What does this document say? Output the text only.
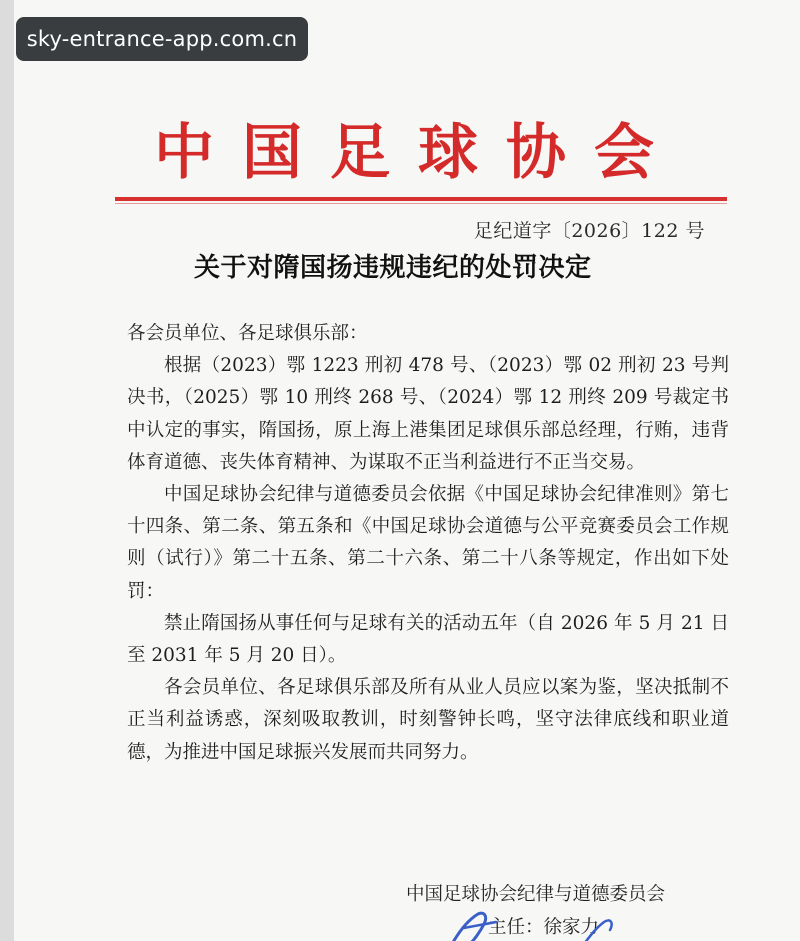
中国足球协会
足纪道字〔2026〕122 号
关于对隋国扬违规违纪的处罚决定

各会员单位、各足球俱乐部：

根据（2023）鄂 1223 刑初 478 号、（2023）鄂 02 刑初 23 号判决书，（2025）鄂 10 刑终 268 号、（2024）鄂 12 刑终 209 号裁定书中认定的事实，隋国扬，原上海上港集团足球俱乐部总经理，行贿，违背体育道德、丧失体育精神、为谋取不正当利益进行不正当交易。

中国足球协会纪律与道德委员会依据《中国足球协会纪律准则》第七十四条、第二条、第五条和《中国足球协会道德与公平竞赛委员会工作规则（试行）》第二十五条、第二十六条、第二十八条等规定，作出如下处罚：

禁止隋国扬从事任何与足球有关的活动五年（自 2026 年 5 月 21 日至 2031 年 5 月 20 日）。

各会员单位、各足球俱乐部及所有从业人员应以案为鉴，坚决抵制不正当利益诱惑，深刻吸取教训，时刻警钟长鸣，坚守法律底线和职业道德，为推进中国足球振兴发展而共同努力。

中国足球协会纪律与道德委员会
主任：徐家力
sky-entrance-app.com.cn
